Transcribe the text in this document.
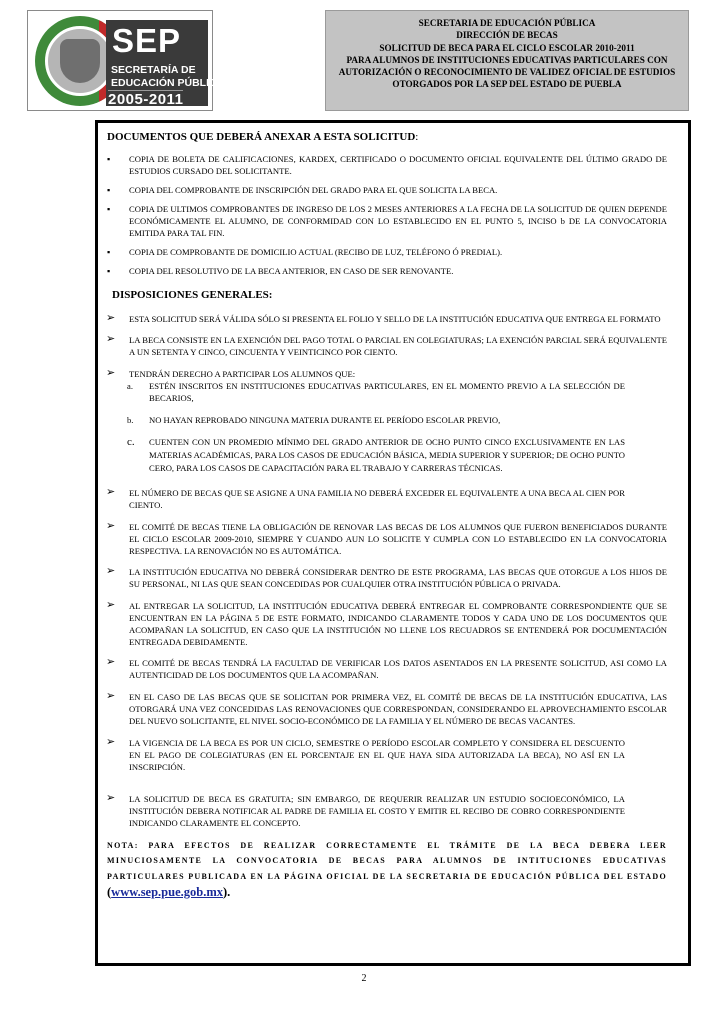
SEP
SECRETARÍA DE
EDUCACIÓN PÚBLICA
2005-2011
SECRETARIA DE EDUCACIÓN PÚBLICA
DIRECCIÓN DE BECAS
SOLICITUD DE BECA PARA EL CICLO ESCOLAR 2010-2011
PARA ALUMNOS DE INSTITUCIONES EDUCATIVAS PARTICULARES CON
AUTORIZACIÓN O RECONOCIMIENTO DE VALIDEZ OFICIAL DE ESTUDIOS
OTORGADOS POR LA SEP DEL ESTADO DE PUEBLA
DOCUMENTOS QUE DEBERÁ ANEXAR A ESTA SOLICITUD:
▪ COPIA DE BOLETA DE CALIFICACIONES, KARDEX, CERTIFICADO O DOCUMENTO OFICIAL EQUIVALENTE DEL ÚLTIMO GRADO DE ESTUDIOS CURSADO DEL SOLICITANTE.
▪ COPIA DEL COMPROBANTE DE INSCRIPCIÓN DEL GRADO PARA EL QUE SOLICITA LA BECA.
▪ COPIA DE ULTIMOS COMPROBANTES DE INGRESO DE LOS 2 MESES ANTERIORES A LA FECHA DE LA SOLICITUD DE QUIEN DEPENDE ECONÓMICAMENTE EL ALUMNO, DE CONFORMIDAD CON LO ESTABLECIDO EN EL PUNTO 5, INCISO b DE LA CONVOCATORIA EMITIDA PARA TAL FIN.
▪ COPIA DE COMPROBANTE DE DOMICILIO ACTUAL (RECIBO DE LUZ, TELÉFONO Ó PREDIAL).
▪ COPIA DEL RESOLUTIVO DE LA BECA ANTERIOR, EN CASO DE SER RENOVANTE.
DISPOSICIONES GENERALES:
➢ ESTA SOLICITUD SERÁ VÁLIDA SÓLO SI PRESENTA EL FOLIO Y SELLO DE LA INSTITUCIÓN EDUCATIVA QUE ENTREGA EL FORMATO
➢ LA BECA CONSISTE EN LA EXENCIÓN DEL PAGO TOTAL O PARCIAL EN COLEGIATURAS; LA EXENCIÓN PARCIAL SERÁ EQUIVALENTE A UN SETENTA Y CINCO, CINCUENTA Y VEINTICINCO POR CIENTO.
➢ TENDRÁN DERECHO A PARTICIPAR LOS ALUMNOS QUE:
a. ESTÉN INSCRITOS EN INSTITUCIONES EDUCATIVAS PARTICULARES, EN EL MOMENTO PREVIO A LA SELECCIÓN DE BECARIOS,
b. NO HAYAN REPROBADO NINGUNA MATERIA DURANTE EL PERÍODO ESCOLAR PREVIO,
c. CUENTEN CON UN PROMEDIO MÍNIMO DEL GRADO ANTERIOR DE OCHO PUNTO CINCO EXCLUSIVAMENTE EN LAS MATERIAS ACADÉMICAS, PARA LOS CASOS DE EDUCACIÓN BÁSICA, MEDIA SUPERIOR Y SUPERIOR; DE OCHO PUNTO CERO, PARA LOS CASOS DE CAPACITACIÓN PARA EL TRABAJO Y CARRERAS TÉCNICAS.
➢ EL NÚMERO DE BECAS QUE SE ASIGNE A UNA FAMILIA NO DEBERÁ EXCEDER EL EQUIVALENTE A UNA BECA AL CIEN POR CIENTO.
➢ EL COMITÉ DE BECAS TIENE LA OBLIGACIÓN DE RENOVAR LAS BECAS DE LOS ALUMNOS QUE FUERON BENEFICIADOS DURANTE EL CICLO ESCOLAR 2009-2010, SIEMPRE Y CUANDO AUN LO SOLICITE Y CUMPLA CON LO ESTABLECIDO EN LA CONVOCATORIA RESPECTIVA. LA RENOVACIÓN NO ES AUTOMÁTICA.
➢ LA INSTITUCIÓN EDUCATIVA NO DEBERÁ CONSIDERAR DENTRO DE ESTE PROGRAMA, LAS BECAS QUE OTORGUE A LOS HIJOS DE SU PERSONAL, NI LAS QUE SEAN CONCEDIDAS POR CUALQUIER OTRA INSTITUCIÓN PÚBLICA O PRIVADA.
➢ AL ENTREGAR LA SOLICITUD, LA INSTITUCIÓN EDUCATIVA DEBERÁ ENTREGAR EL COMPROBANTE CORRESPONDIENTE QUE SE ENCUENTRAN EN LA PÁGINA 5 DE ESTE FORMATO, INDICANDO CLARAMENTE TODOS Y CADA UNO DE LOS DOCUMENTOS QUE ACOMPAÑAN LA SOLICITUD, EN CASO QUE LA INSTITUCIÓN NO LLENE LOS RECUADROS SE ENTENDERÁ POR DOCUMENTACIÓN ENTREGADA DEBIDAMENTE.
➢ EL COMITÉ DE BECAS TENDRÁ LA FACULTAD DE VERIFICAR LOS DATOS ASENTADOS EN LA PRESENTE SOLICITUD, ASI COMO LA AUTENTICIDAD DE LOS DOCUMENTOS QUE LA ACOMPAÑAN.
➢ EN EL CASO DE LAS BECAS QUE SE SOLICITAN POR PRIMERA VEZ, EL COMITÉ DE BECAS DE LA INSTITUCIÓN EDUCATIVA, LAS OTORGARÁ UNA VEZ CONCEDIDAS LAS RENOVACIONES QUE CORRESPONDAN, CONSIDERANDO EL APROVECHAMIENTO ESCOLAR DEL NUEVO SOLICITANTE, EL NIVEL SOCIO-ECONÓMICO DE LA FAMILIA Y EL NÚMERO DE BECAS VACANTES.
➢ LA VIGENCIA DE LA BECA ES POR UN CICLO, SEMESTRE O PERÍODO ESCOLAR COMPLETO Y CONSIDERA EL DESCUENTO EN EL PAGO DE COLEGIATURAS (EN EL PORCENTAJE EN EL QUE HAYA SIDA AUTORIZADA LA BECA), NO ASÍ EN LA INSCRIPCIÓN.
➢ LA SOLICITUD DE BECA ES GRATUITA; SIN EMBARGO, DE REQUERIR REALIZAR UN ESTUDIO SOCIOECONÓMICO, LA INSTITUCIÓN DEBERA NOTIFICAR AL PADRE DE FAMILIA EL COSTO Y EMITIR EL RECIBO DE COBRO CORRESPONDIENTE INDICANDO CLARAMENTE EL CONCEPTO.
NOTA: PARA EFECTOS DE REALIZAR CORRECTAMENTE EL TRÁMITE DE LA BECA DEBERA LEER MINUCIOSAMENTE LA CONVOCATORIA DE BECAS PARA ALUMNOS DE INTITUCIONES EDUCATIVAS PARTICULARES PUBLICADA EN LA PÁGINA OFICIAL DE LA SECRETARIA DE EDUCACIÓN PÚBLICA DEL ESTADO (www.sep.pue.gob.mx).
2
